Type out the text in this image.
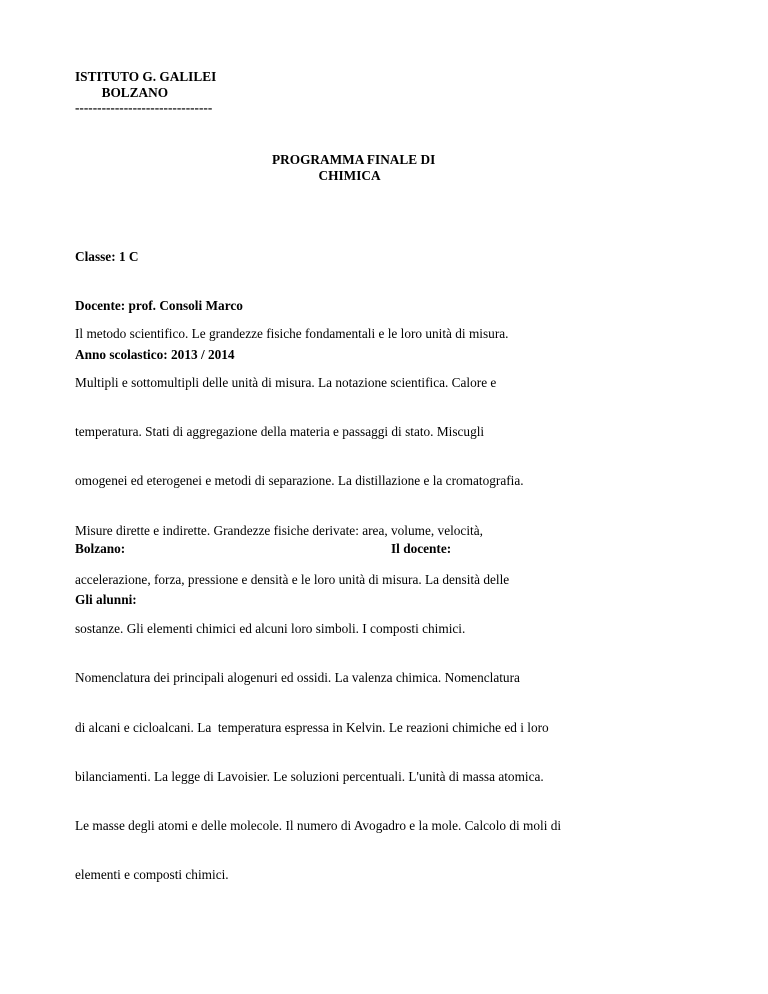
ISTITUTO G. GALILEI
BOLZANO
-------------------------------
PROGRAMMA FINALE DI
CHIMICA

Classe: 1 C

Docente: prof. Consoli Marco

Anno scolastico: 2013 / 2014

Il metodo scientifico. Le grandezze fisiche fondamentali e le loro unità di misura.

Multipli e sottomultipli delle unità di misura. La notazione scientifica. Calore e

temperatura. Stati di aggregazione della materia e passaggi di stato. Miscugli

omogenei ed eterogenei e metodi di separazione. La distillazione e la cromatografia.

Misure dirette e indirette. Grandezze fisiche derivate: area, volume, velocità,

accelerazione, forza, pressione e densità e le loro unità di misura. La densità delle

sostanze. Gli elementi chimici ed alcuni loro simboli. I composti chimici.

Nomenclatura dei principali alogenuri ed ossidi. La valenza chimica. Nomenclatura

di alcani e cicloalcani. La  temperatura espressa in Kelvin. Le reazioni chimiche ed i loro

bilanciamenti. La legge di Lavoisier. Le soluzioni percentuali. L'unità di massa atomica.

Le masse degli atomi e delle molecole. Il numero di Avogadro e la mole. Calcolo di moli di

elementi e composti chimici.

Bolzano:	Il docente:
Gli alunni:
